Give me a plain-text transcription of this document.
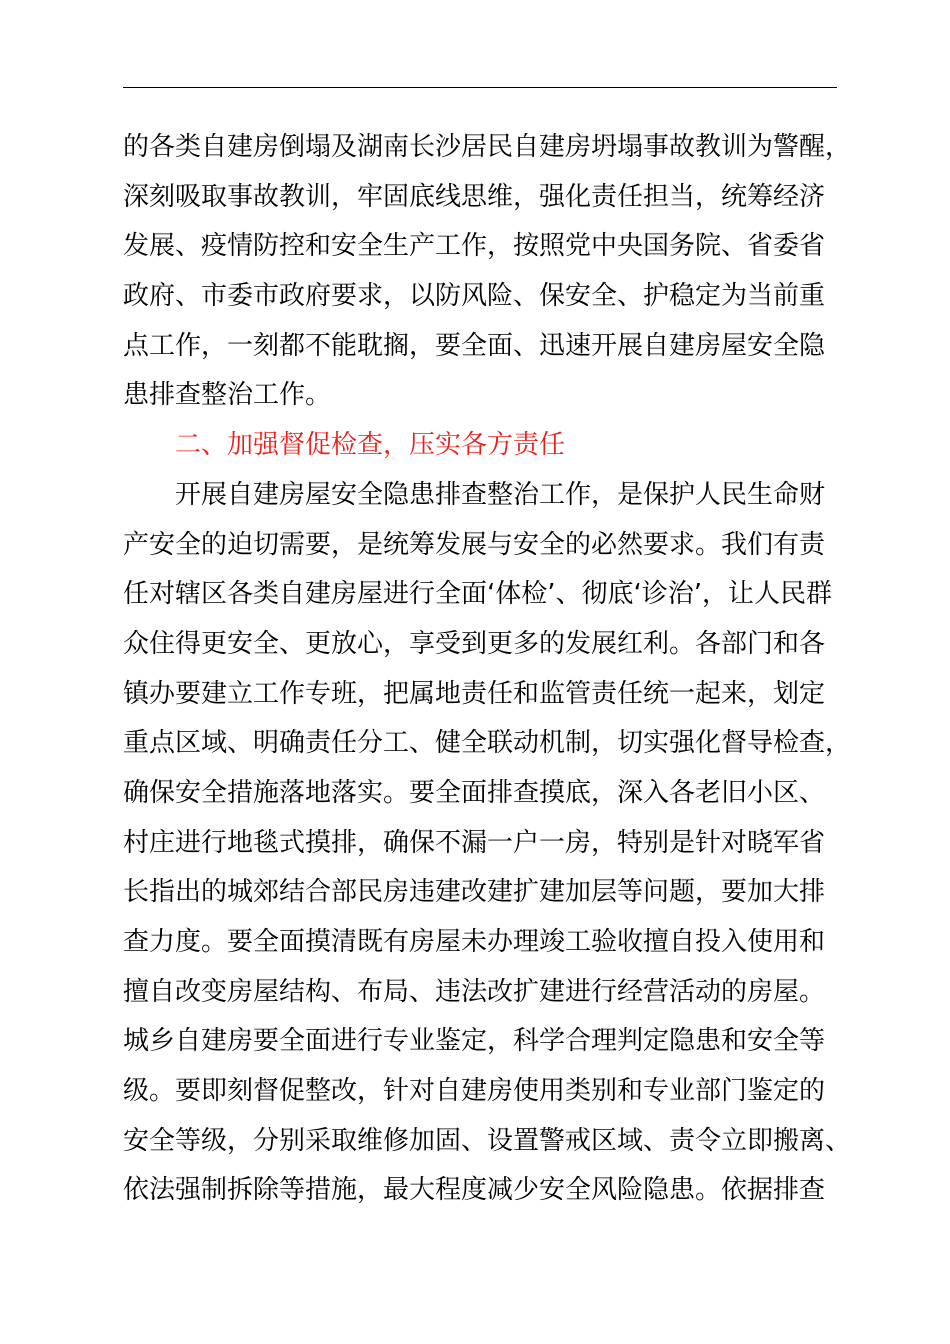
的各类自建房倒塌及湖南长沙居民自建房坍塌事故教训为警醒，
深刻吸取事故教训，牢固底线思维，强化责任担当，统筹经济
发展、疫情防控和安全生产工作，按照党中央国务院、省委省
政府、市委市政府要求，以防风险、保安全、护稳定为当前重
点工作，一刻都不能耽搁，要全面、迅速开展自建房屋安全隐
患排查整治工作。
二、加强督促检查，压实各方责任
开展自建房屋安全隐患排查整治工作，是保护人民生命财
产安全的迫切需要，是统筹发展与安全的必然要求。我们有责
任对辖区各类自建房屋进行全面‘体检’、彻底‘诊治’，让人民群
众住得更安全、更放心，享受到更多的发展红利。各部门和各
镇办要建立工作专班，把属地责任和监管责任统一起来，划定
重点区域、明确责任分工、健全联动机制，切实强化督导检查，
确保安全措施落地落实。要全面排查摸底，深入各老旧小区、
村庄进行地毯式摸排，确保不漏一户一房，特别是针对晓军省
长指出的城郊结合部民房违建改建扩建加层等问题，要加大排
查力度。要全面摸清既有房屋未办理竣工验收擅自投入使用和
擅自改变房屋结构、布局、违法改扩建进行经营活动的房屋。
城乡自建房要全面进行专业鉴定，科学合理判定隐患和安全等
级。要即刻督促整改，针对自建房使用类别和专业部门鉴定的
安全等级，分别采取维修加固、设置警戒区域、责令立即搬离、
依法强制拆除等措施，最大程度减少安全风险隐患。依据排查
